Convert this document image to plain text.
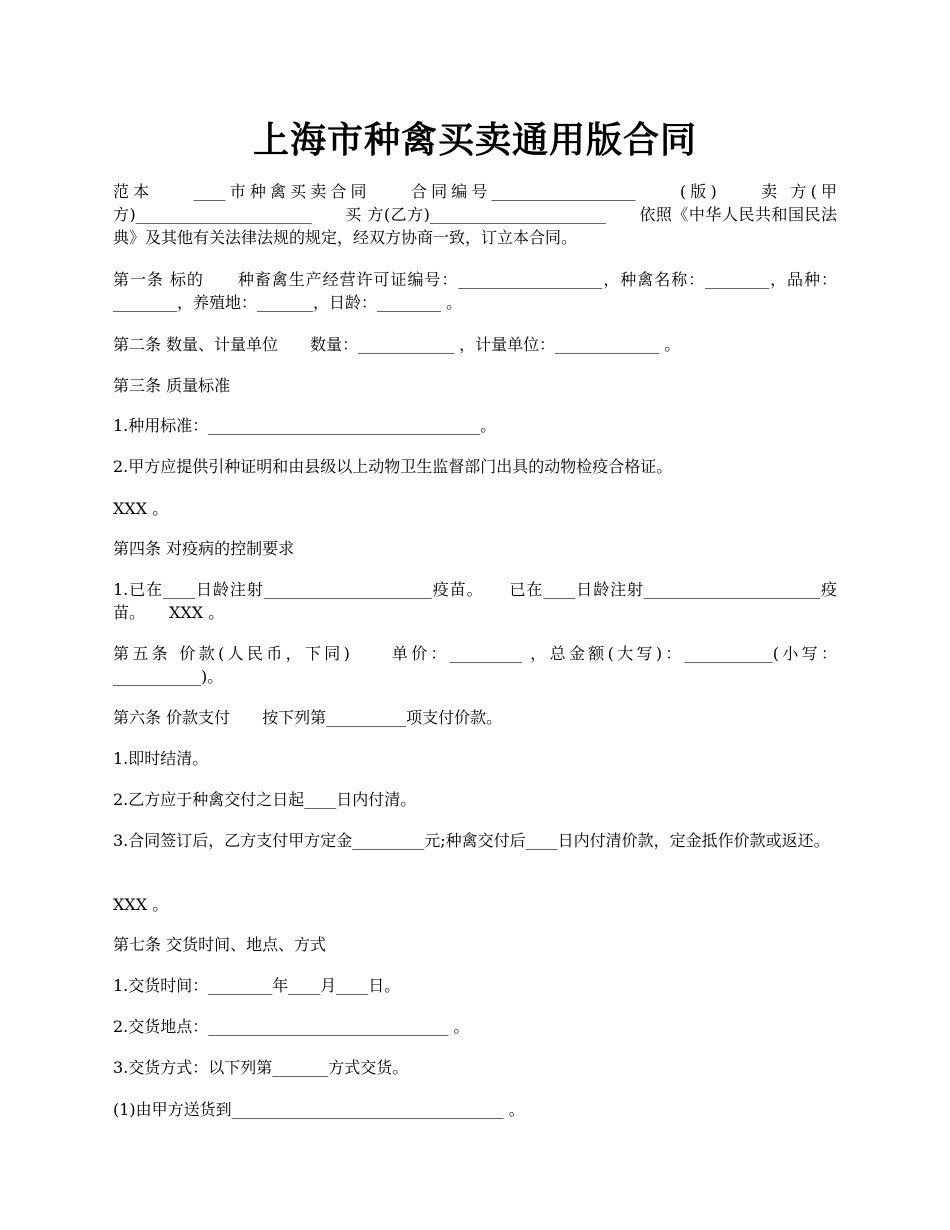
上海市种禽买卖通用版合同
范本　　____市种禽买卖合同　　合同编号__________________　　(版)　　卖 方(甲方)______________________　　买 方(乙方)______________________　　依照《中华人民共和国民法典》及其他有关法律法规的规定，经双方协商一致，订立本合同。
第一条 标的　　种畜禽生产经营许可证编号：__________________，种禽名称：________，品种：________，养殖地：_______，日龄：________ 。
第二条 数量、计量单位　　数量：____________ ，计量单位：_____________ 。
第三条 质量标准
1.种用标准：__________________________________。
2.甲方应提供引种证明和由县级以上动物卫生监督部门出具的动物检疫合格证。
XXX 。
第四条 对疫病的控制要求
1.已在____日龄注射_____________________疫苗。　　已在____日龄注射______________________疫苗。　　XXX 。
第五条 价款(人民币，下同)　　单价：_________ ，总金额(大写)：___________(小写：___________)。
第六条 价款支付　　按下列第__________项支付价款。
1.即时结清。
2.乙方应于种禽交付之日起____日内付清。
3.合同签订后，乙方支付甲方定金_________元;种禽交付后____日内付清价款，定金抵作价款或返还。
XXX 。
第七条 交货时间、地点、方式
1.交货时间：________年____月____日。
2.交货地点：______________________________ 。
3.交货方式：以下列第_______方式交货。
(1)由甲方送货到__________________________________ 。
